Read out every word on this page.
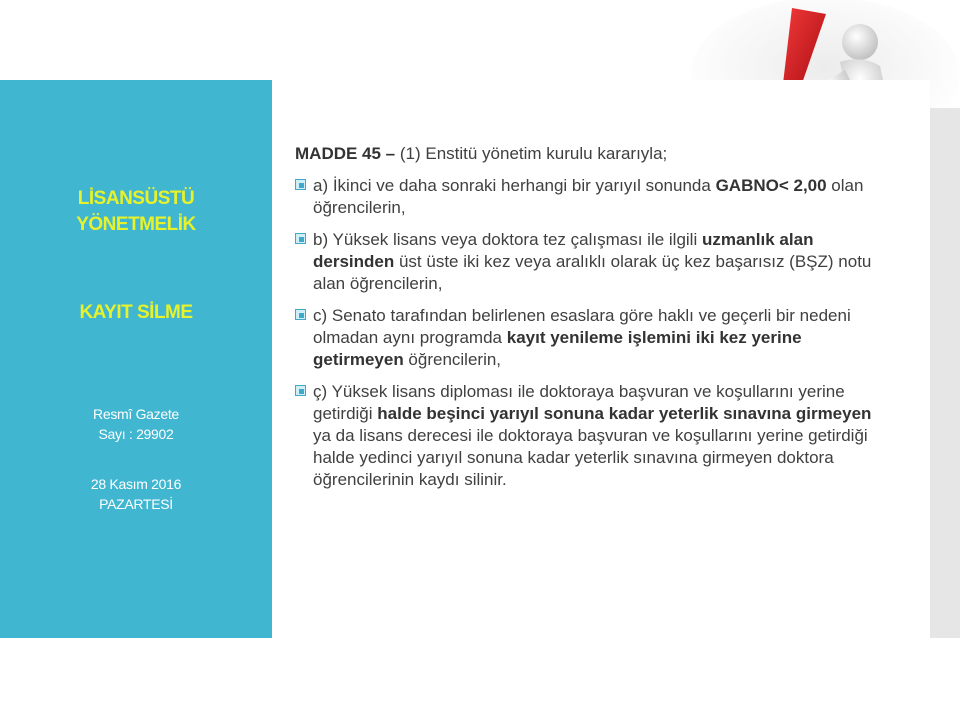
LİSANSÜSTÜ
YÖNETMELİK
KAYIT SİLME
Resmî Gazete
Sayı : 29902
28 Kasım 2016
PAZARTESİ

MADDE 45 – (1) Enstitü yönetim kurulu kararıyla;

a) İkinci ve daha sonraki herhangi bir yarıyıl sonunda GABNO< 2,00 olan öğrencilerin,

b) Yüksek lisans veya doktora tez çalışması ile ilgili uzmanlık alan dersinden üst üste iki kez veya aralıklı olarak üç kez başarısız (BŞZ) notu alan öğrencilerin,

c) Senato tarafından belirlenen esaslara göre haklı ve geçerli bir nedeni olmadan aynı programda kayıt yenileme işlemini iki kez yerine getirmeyen öğrencilerin,

ç) Yüksek lisans diploması ile doktoraya başvuran ve koşullarını yerine getirdiği halde beşinci yarıyıl sonuna kadar yeterlik sınavına girmeyen ya da lisans derecesi ile doktoraya başvuran ve koşullarını yerine getirdiği halde yedinci yarıyıl sonuna kadar yeterlik sınavına girmeyen doktora öğrencilerinin kaydı silinir.
